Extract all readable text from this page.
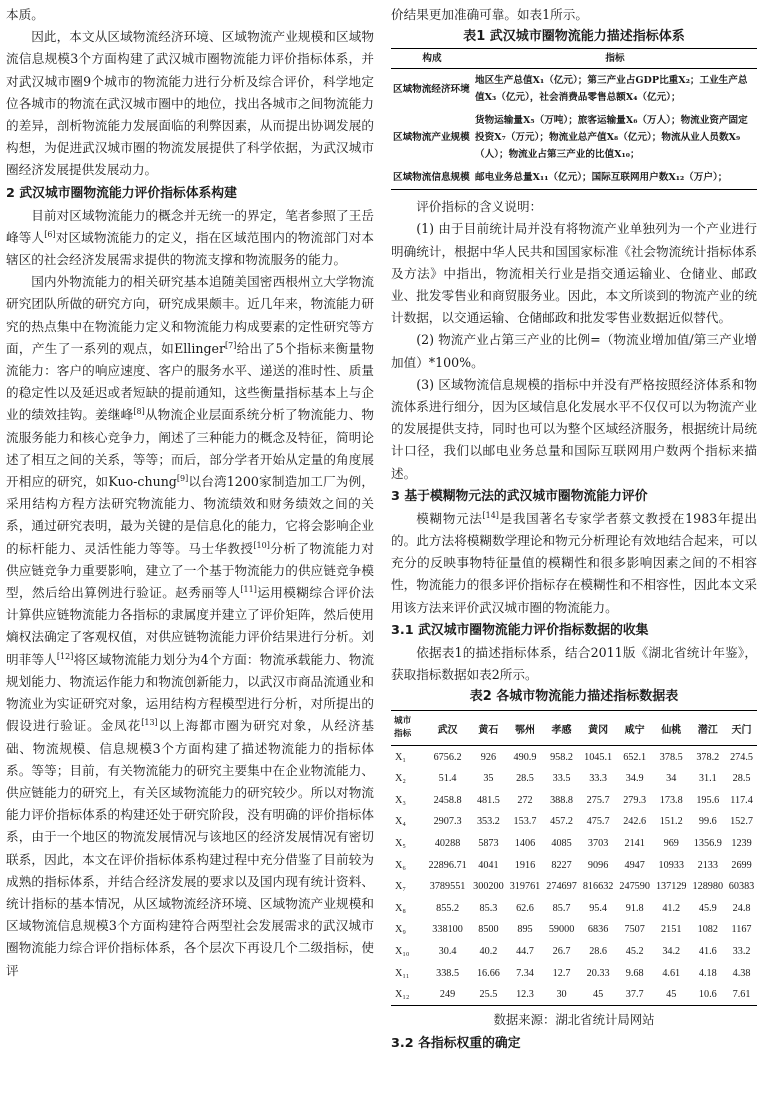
本质。

因此，本文从区域物流经济环境、区域物流产业规模和区域物流信息规模3个方面构建了武汉城市圈物流能力评价指标体系，并对武汉城市圈9个城市的物流能力进行分析及综合评价，科学地定位各城市的物流在武汉城市圈中的地位，找出各城市之间物流能力的差异，剖析物流能力发展面临的利弊因素，从而提出协调发展的构想，为促进武汉城市圈的物流发展提供了科学依据，为武汉城市圈经济发展提供发展动力。

2 武汉城市圈物流能力评价指标体系构建

目前对区域物流能力的概念并无统一的界定，笔者参照了王岳峰等人[6]对区域物流能力的定义，指在区域范围内的物流部门对本辖区的社会经济发展需求提供的物流支撑和物流服务的能力。

国内外物流能力的相关研究基本追随美国密西根州立大学物流研究团队所做的研究方向，研究成果颇丰。近几年来，物流能力研究的热点集中在物流能力定义和物流能力构成要素的定性研究等方面，产生了一系列的观点，如Ellinger[7]给出了5个指标来衡量物流能力：客户的响应速度、客户的服务水平、递送的准时性、质量的稳定性以及延迟或者短缺的提前通知，这些衡量指标基本上与企业的绩效挂钩。姜继峰[8]从物流企业层面系统分析了物流能力、物流服务能力和核心竞争力，阐述了三种能力的概念及特征，简明论述了相互之间的关系，等等；而后，部分学者开始从定量的角度展开相应的研究，如Kuo-chung[9]以台湾1200家制造加工厂为例，采用结构方程方法研究物流能力、物流绩效和财务绩效之间的关系，通过研究表明，最为关键的是信息化的能力，它将会影响企业的标杆能力、灵活性能力等等。马士华教授[10]分析了物流能力对供应链竞争力重要影响，建立了一个基于物流能力的供应链竞争模型，然后给出算例进行验证。赵秀丽等人[11]运用模糊综合评价法计算供应链物流能力各指标的隶属度并建立了评价矩阵，然后使用熵权法确定了客观权值，对供应链物流能力评价结果进行分析。刘明菲等人[12]将区域物流能力划分为4个方面：物流承载能力、物流规划能力、物流运作能力和物流创新能力，以武汉市商品流通业和物流业为实证研究对象，运用结构方程模型进行分析，对所提出的假设进行验证。金凤花[13]以上海都市圈为研究对象，从经济基础、物流规模、信息规模3个方面构建了描述物流能力的指标体系。等等；目前，有关物流能力的研究主要集中在企业物流能力、供应链能力的研究上，有关区域物流能力的研究较少。所以对物流能力评价指标体系的构建还处于研究阶段，没有明确的评价指标体系，由于一个地区的物流发展情况与该地区的经济发展情况有密切联系，因此，本文在评价指标体系构建过程中充分借鉴了目前较为成熟的指标体系，并结合经济发展的要求以及国内现有统计资料、统计指标的基本情况，从区域物流经济环境、区域物流产业规模和区域物流信息规模3个方面构建符合两型社会发展需求的武汉城市圈物流能力综合评价指标体系，各个层次下再设几个二级指标，使评

价结果更加准确可靠。如表1所示。

表1 武汉城市圈物流能力描述指标体系
构成	指标
区域物流经济环境	地区生产总值X₁（亿元）；第三产业占GDP比重X₂；工业生产总值X₃（亿元），社会消费品零售总额X₄（亿元）；
区域物流产业规模	货物运输量X₅（万吨）；旅客运输量X₆（万人）；物流业资产固定投资X₇（万元）；物流业总产值X₈（亿元）；物流从业人员数X₉（人）；物流业占第三产业的比值X₁₀；
区域物流信息规模	邮电业务总量X₁₁（亿元）；国际互联网用户数X₁₂（万户）；

评价指标的含义说明：

(1) 由于目前统计局并没有将物流产业单独列为一个产业进行明确统计，根据中华人民共和国国家标准《社会物流统计指标体系及方法》中指出，物流相关行业是指交通运输业、仓储业、邮政业、批发零售业和商贸服务业。因此，本文所谈到的物流产业的统计数据，以交通运输、仓储邮政和批发零售业数据近似替代。

(2) 物流产业占第三产业的比例=（物流业增加值/第三产业增加值）*100%。

(3) 区域物流信息规模的指标中并没有严格按照经济体系和物流体系进行细分，因为区域信息化发展水平不仅仅可以为物流产业的发展提供支持，同时也可以为整个区域经济服务，根据统计局统计口径，我们以邮电业务总量和国际互联网用户数两个指标来描述。

3 基于模糊物元法的武汉城市圈物流能力评价

模糊物元法[14]是我国著名专家学者蔡文教授在1983年提出的。此方法将模糊数学理论和物元分析理论有效地结合起来，可以充分的反映事物特征量值的模糊性和很多影响因素之间的不相容性，物流能力的很多评价指标存在模糊性和不相容性，因此本文采用该方法来评价武汉城市圈的物流能力。

3.1 武汉城市圈物流能力评价指标数据的收集

依据表1的描述指标体系，结合2011版《湖北省统计年鉴》，获取指标数据如表2所示。

表2 各城市物流能力描述指标数据表
城市
指标	武汉	黄石	鄂州	孝感	黄冈	咸宁	仙桃	潜江	天门
X₁	6756.2	926	490.9	958.2	1045.1	652.1	378.5	378.2	274.5
X₂	51.4	35	28.5	33.5	33.3	34.9	34	31.1	28.5
X₃	2458.8	481.5	272	388.8	275.7	279.3	173.8	195.6	117.4
X₄	2907.3	353.2	153.7	457.2	475.7	242.6	151.2	99.6	152.7
X₅	40288	5873	1406	4085	3703	2141	969	1356.9	1239
X₆	22896.71	4041	1916	8227	9096	4947	10933	2133	2699
X₇	3789551	300200	319761	274697	816632	247590	137129	128980	60383
X₈	855.2	85.3	62.6	85.7	95.4	91.8	41.2	45.9	24.8
X₉	338100	8500	895	59000	6836	7507	2151	1082	1167
X₁₀	30.4	40.2	44.7	26.7	28.6	45.2	34.2	41.6	33.2
X₁₁	338.5	16.66	7.34	12.7	20.33	9.68	4.61	4.18	4.38
X₁₂	249	25.5	12.3	30	45	37.7	45	10.6	7.61
数据来源：湖北省统计局网站
3.2 各指标权重的确定
